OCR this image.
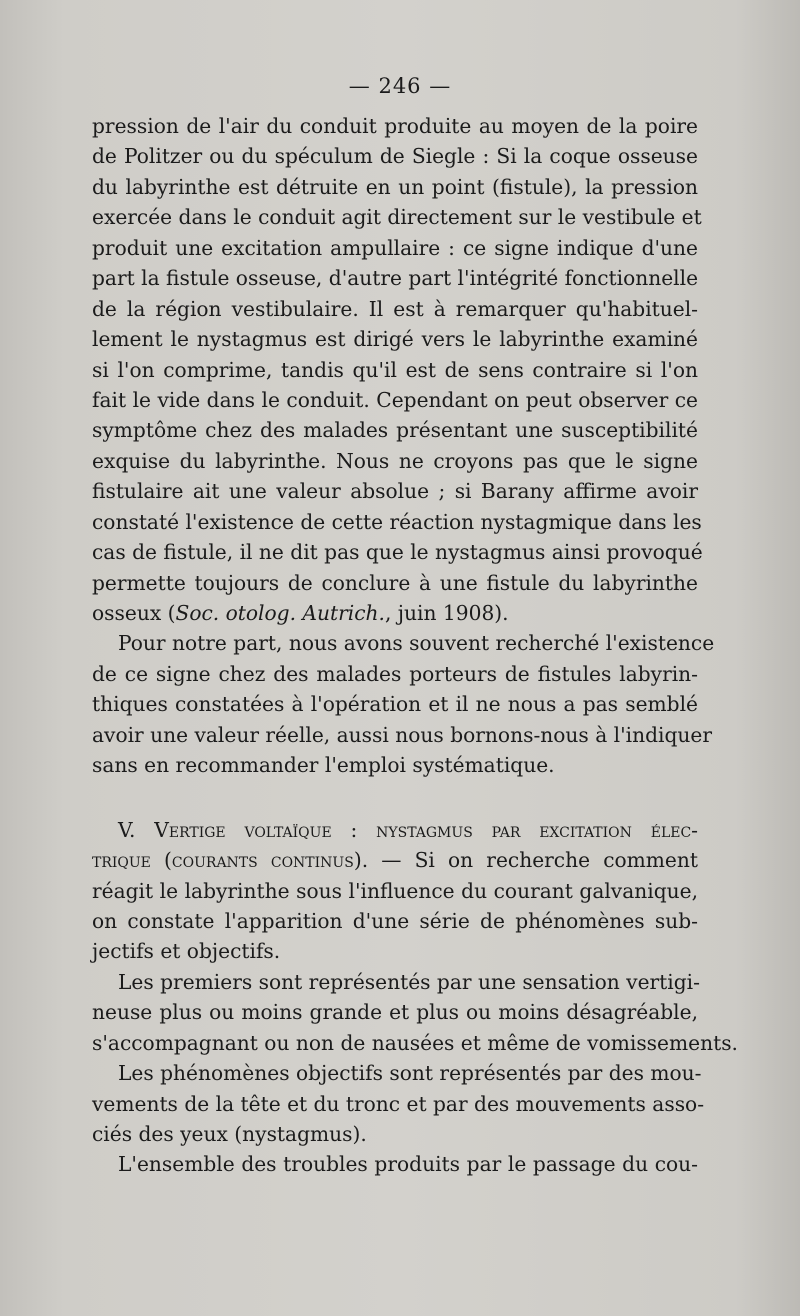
— 246 —
pression de l'air du conduit produite au moyen de la poire
de Politzer ou du spéculum de Siegle : Si la coque osseuse
du labyrinthe est détruite en un point (fistule), la pression
exercée dans le conduit agit directement sur le vestibule et
produit une excitation ampullaire : ce signe indique d'une
part la fistule osseuse, d'autre part l'intégrité fonctionnelle
de la région vestibulaire. Il est à remarquer qu'habituel-
lement le nystagmus est dirigé vers le labyrinthe examiné
si l'on comprime, tandis qu'il est de sens contraire si l'on
fait le vide dans le conduit. Cependant on peut observer ce
symptôme chez des malades présentant une susceptibilité
exquise du labyrinthe. Nous ne croyons pas que le signe
fistulaire ait une valeur absolue ; si Barany affirme avoir
constaté l'existence de cette réaction nystagmique dans les
cas de fistule, il ne dit pas que le nystagmus ainsi provoqué
permette toujours de conclure à une fistule du labyrinthe
osseux (Soc. otolog. Autrich., juin 1908).
Pour notre part, nous avons souvent recherché l'existence
de ce signe chez des malades porteurs de fistules labyrin-
thiques constatées à l'opération et il ne nous a pas semblé
avoir une valeur réelle, aussi nous bornons-nous à l'indiquer
sans en recommander l'emploi systématique.
V. Vertige voltaïque : nystagmus par excitation élec-
trique (courants continus). — Si on recherche comment
réagit le labyrinthe sous l'influence du courant galvanique,
on constate l'apparition d'une série de phénomènes sub-
jectifs et objectifs.
Les premiers sont représentés par une sensation vertigi-
neuse plus ou moins grande et plus ou moins désagréable,
s'accompagnant ou non de nausées et même de vomissements.
Les phénomènes objectifs sont représentés par des mou-
vements de la tête et du tronc et par des mouvements asso-
ciés des yeux (nystagmus).
L'ensemble des troubles produits par le passage du cou-
